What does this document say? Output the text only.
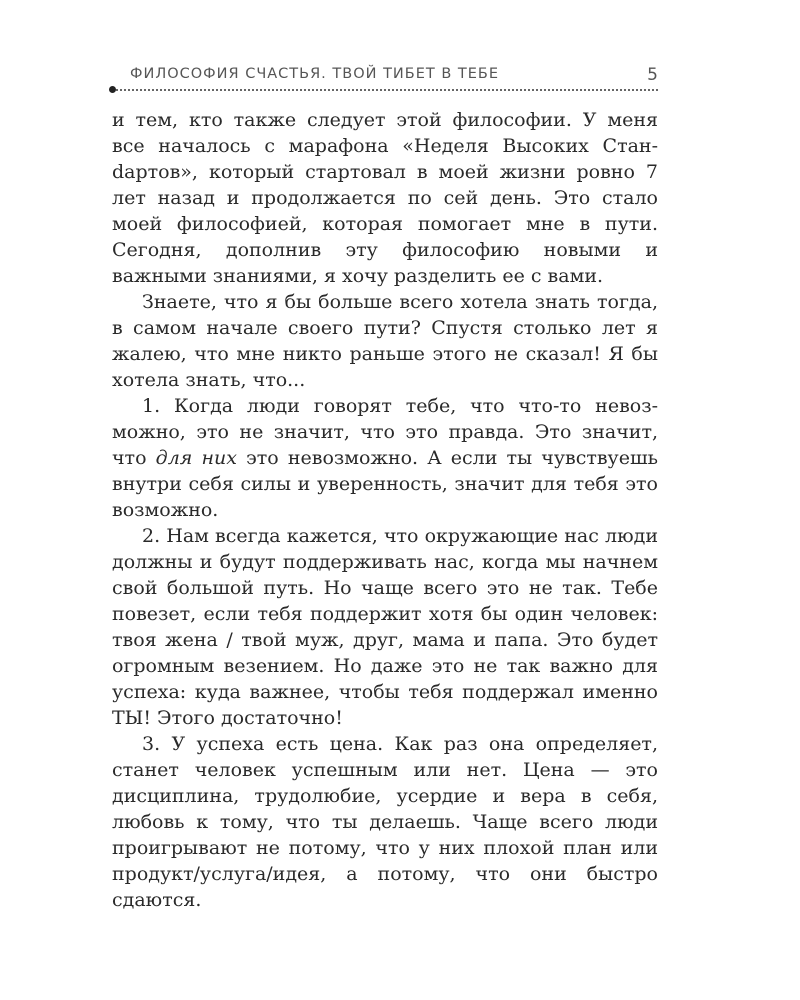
ФИЛОСОФИЯ СЧАСТЬЯ. ТВОЙ ТИБЕТ В ТЕБЕ	5

и тем, кто также следует этой философии. У меня все началось с марафона «Неделя Высоких Станdартов», который стартовал в моей жизни ровно 7 лет назад и продолжается по сей день. Это стало моей философией, которая помогает мне в пути. Сегодня, дополнив эту философию новыми и важными знаниями, я хочу разделить ее с вами.

Знаете, что я бы больше всего хотела знать тогда, в самом начале своего пути? Спустя столько лет я жалею, что мне никто раньше этого не сказал! Я бы хотела знать, что...

1. Когда люди говорят тебе, что что-то невозможно, это не значит, что это правда. Это значит, что для них это невозможно. А если ты чувствуешь внутри себя силы и уверенность, значит для тебя это возможно.

2. Нам всегда кажется, что окружающие нас люди должны и будут поддерживать нас, когда мы начнем свой большой путь. Но чаще всего это не так. Тебе повезет, если тебя поддержит хотя бы один человек: твоя жена / твой муж, друг, мама и папа. Это будет огромным везением. Но даже это не так важно для успеха: куда важнее, чтобы тебя поддержал именно ТЫ! Этого достаточно!

3. У успеха есть цена. Как раз она определяет, станет человек успешным или нет. Цена — это дисциплина, трудолюбие, усердие и вера в себя, любовь к тому, что ты делаешь. Чаще всего люди проигрывают не потому, что у них плохой план или продукт/услуга/идея, а потому, что они быстро сдаются.
